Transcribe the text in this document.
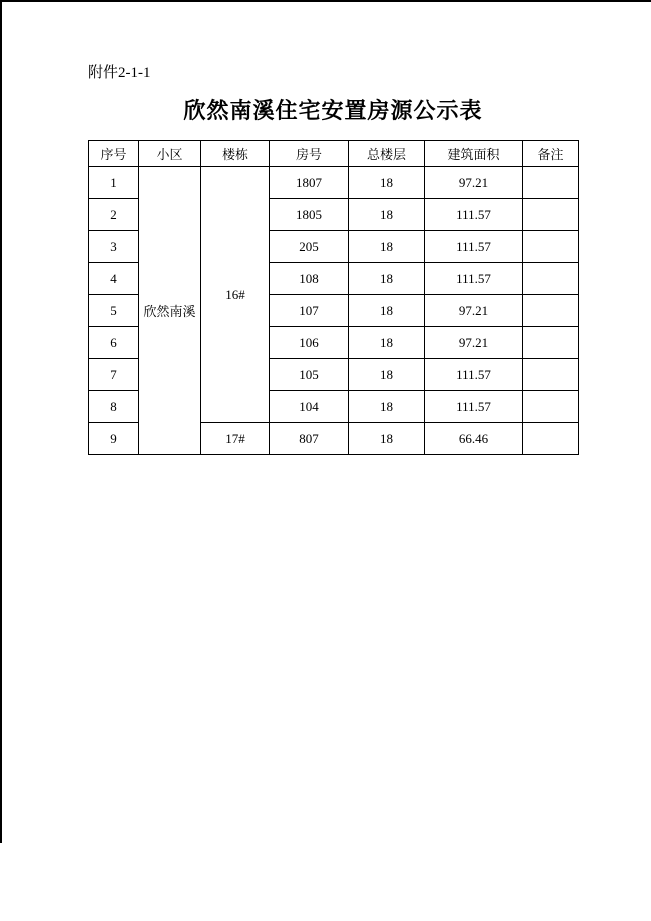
附件2-1-1
欣然南溪住宅安置房源公示表
序号	小区	楼栋	房号	总楼层	建筑面积	备注
1	欣然南溪	16#	1807	18	97.21	
2			1805	18	111.57	
3			205	18	111.57	
4			108	18	111.57	
5			107	18	97.21	
6			106	18	97.21	
7			105	18	111.57	
8			104	18	111.57	
9		17#	807	18	66.46	
